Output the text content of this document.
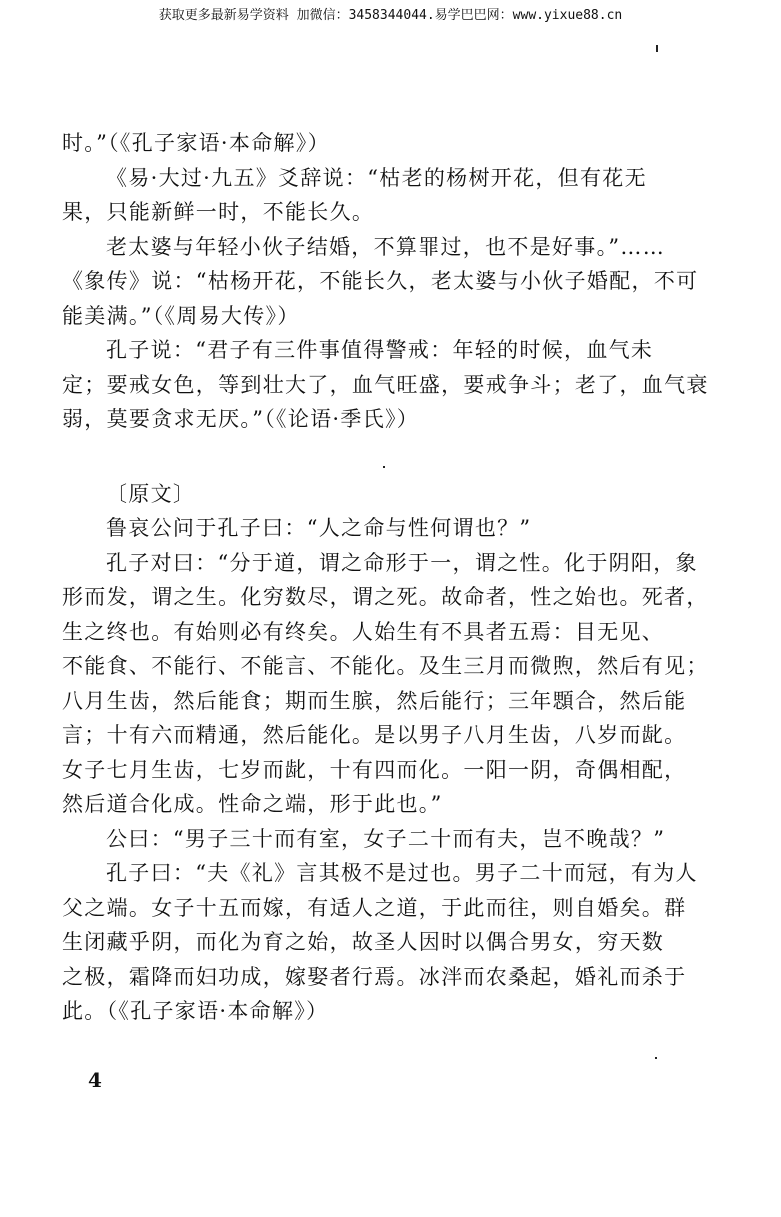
获取更多最新易学资料 加微信：3458344044.易学巴巴网：www.yixue88.cn
时。”（《孔子家语·本命解》）
《易·大过·九五》爻辞说：“枯老的杨树开花，但有花无
果，只能新鲜一时，不能长久。
老太婆与年轻小伙子结婚，不算罪过，也不是好事。”……
《象传》说：“枯杨开花，不能长久，老太婆与小伙子婚配，不可
能美满。”（《周易大传》）
孔子说：“君子有三件事值得警戒：年轻的时候，血气未
定；要戒女色，等到壮大了，血气旺盛，要戒争斗；老了，血气衰
弱，莫要贪求无厌。”（《论语·季氏》）
〔原文〕
鲁哀公问于孔子曰：“人之命与性何谓也？”
孔子对曰：“分于道，谓之命形于一，谓之性。化于阴阳，象
形而发，谓之生。化穷数尽，谓之死。故命者，性之始也。死者，
生之终也。有始则必有终矣。人始生有不具者五焉：目无见、
不能食、不能行、不能言、不能化。及生三月而微煦，然后有见；
八月生齿，然后能食；期而生膑，然后能行；三年顋合，然后能
言；十有六而精通，然后能化。是以男子八月生齿，八岁而龀。
女子七月生齿，七岁而龀，十有四而化。一阳一阴，奇偶相配，
然后道合化成。性命之端，形于此也。”
公曰：“男子三十而有室，女子二十而有夫，岂不晚哉？”
孔子曰：“夫《礼》言其极不是过也。男子二十而冠，有为人
父之端。女子十五而嫁，有适人之道，于此而往，则自婚矣。群
生闭藏乎阴，而化为育之始，故圣人因时以偶合男女，穷天数
之极，霜降而妇功成，嫁娶者行焉。冰泮而农桑起，婚礼而杀于
此。（《孔子家语·本命解》）
4
